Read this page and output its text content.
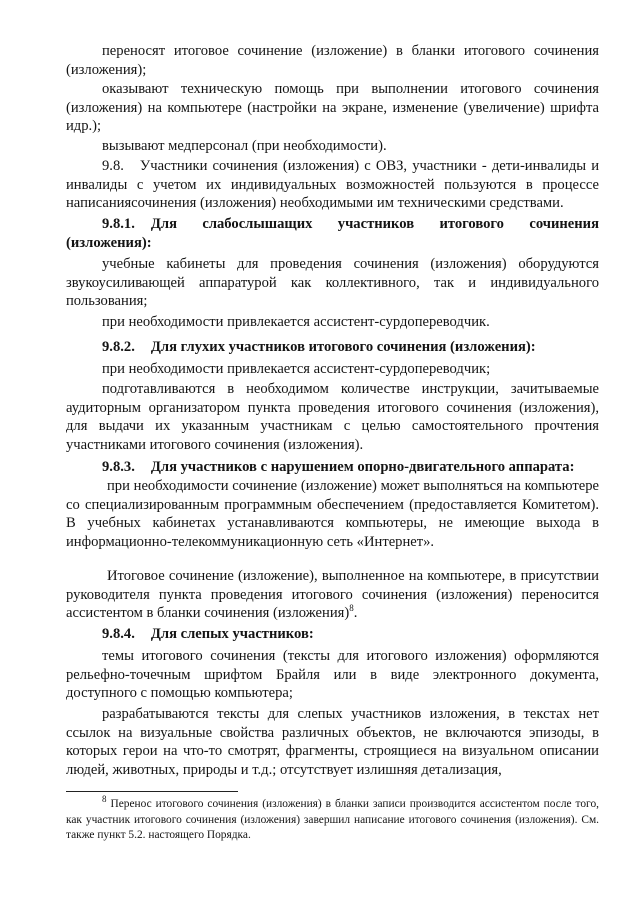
переносят итоговое сочинение (изложение) в бланки итогового сочинения (изложения);

оказывают техническую помощь при выполнении итогового сочинения (изложения) на компьютере (настройки на экране, изменение (увеличение) шрифта идр.);

вызывают медперсонал (при необходимости).

9.8. Участники сочинения (изложения) с ОВЗ, участники - дети-инвалиды и инвалиды с учетом их индивидуальных возможностей пользуются в процессе написаниясочинения (изложения) необходимыми им техническими средствами.

9.8.1. Для слабослышащих участников итогового сочинения (изложения):

учебные кабинеты для проведения сочинения (изложения) оборудуются звукоусиливающей аппаратурой как коллективного, так и индивидуального пользования;

при необходимости привлекается ассистент-сурдопереводчик.

9.8.2. Для глухих участников итогового сочинения (изложения):

при необходимости привлекается ассистент-сурдопереводчик;

подготавливаются в необходимом количестве инструкции, зачитываемые аудиторным организатором пункта проведения итогового сочинения (изложения), для выдачи их указанным участникам с целью самостоятельного прочтения участниками итогового сочинения (изложения).

9.8.3. Для участников с нарушением опорно-двигательного аппарата:

при необходимости сочинение (изложение) может выполняться на компьютере со специализированным программным обеспечением (предоставляется Комитетом). В учебных кабинетах устанавливаются компьютеры, не имеющие выхода в информационно-телекоммуникационную сеть «Интернет».

Итоговое сочинение (изложение), выполненное на компьютере, в присутствии руководителя пункта проведения итогового сочинения (изложения) переносится ассистентом в бланки сочинения (изложения)$^8$.

9.8.4. Для слепых участников:

темы итогового сочинения (тексты для итогового изложения) оформляются рельефно-точечным шрифтом Брайля или в виде электронного документа, доступного с помощью компьютера;

разрабатываются тексты для слепых участников изложения, в текстах нет ссылок на визуальные свойства различных объектов, не включаются эпизоды, в которых герои на что-то смотрят, фрагменты, строящиеся на визуальном описании людей, животных, природы и т.д.; отсутствует излишняя детализация,

$^8$ Перенос итогового сочинения (изложения) в бланки записи производится ассистентом после того, как участник итогового сочинения (изложения) завершил написание итогового сочинения (изложения). См. также пункт 5.2. настоящего Порядка.
